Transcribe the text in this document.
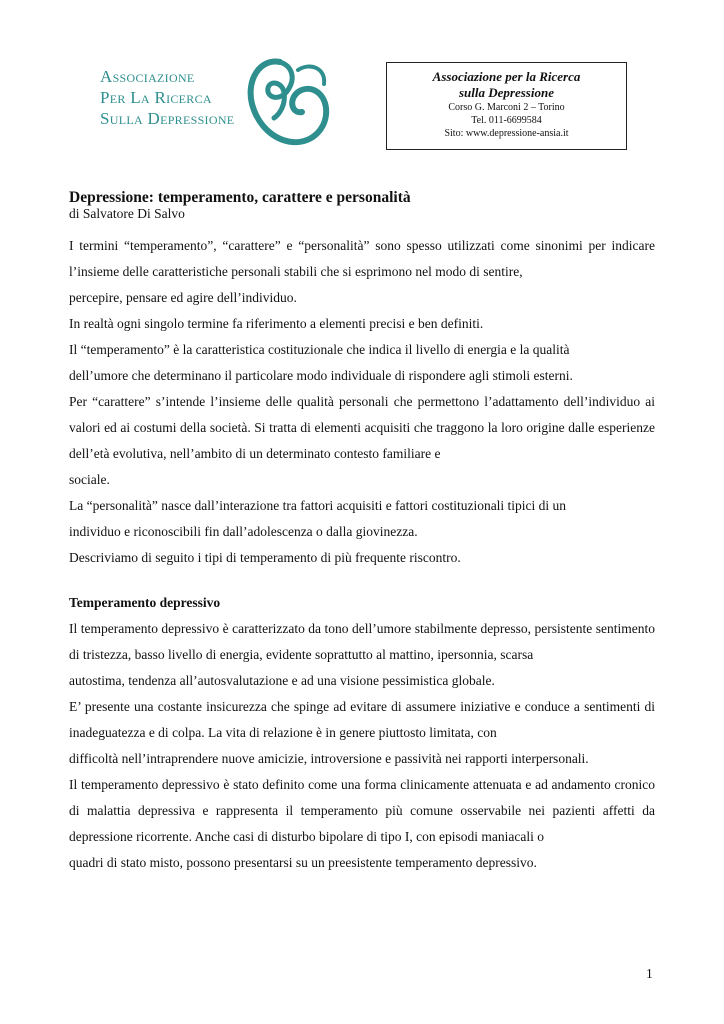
Associazione
Per La Ricerca
Sulla Depressione
Associazione per la Ricerca
sulla Depressione
Corso G. Marconi 2 – Torino
Tel. 011-6699584
Sito: www.depressione-ansia.it
Depressione: temperamento, carattere e personalità
di Salvatore Di Salvo

I termini “temperamento”, “carattere” e “personalità” sono spesso utilizzati come sinonimi per indicare l’insieme delle caratteristiche personali stabili che si esprimono nel modo di sentire,
percepire, pensare ed agire dell’individuo.

In realtà ogni singolo termine fa riferimento a elementi precisi e ben definiti.

Il “temperamento” è la caratteristica costituzionale che indica il livello di energia e la qualità
dell’umore che determinano il particolare modo individuale di rispondere agli stimoli esterni.

Per “carattere” s’intende l’insieme delle qualità personali che permettono l’adattamento dell’individuo ai valori ed ai costumi della società. Si tratta di elementi acquisiti che traggono la loro origine dalle esperienze dell’età evolutiva, nell’ambito di un determinato contesto familiare e
sociale.

La “personalità” nasce dall’interazione tra fattori acquisiti e fattori costituzionali tipici di un
individuo e riconoscibili fin dall’adolescenza o dalla giovinezza.

Descriviamo di seguito i tipi di temperamento di più frequente riscontro.

Temperamento depressivo

Il temperamento depressivo è caratterizzato da tono dell’umore stabilmente depresso, persistente sentimento di tristezza, basso livello di energia, evidente soprattutto al mattino, ipersonnia, scarsa
autostima, tendenza all’autosvalutazione e ad una visione pessimistica globale.

E’ presente una costante insicurezza che spinge ad evitare di assumere iniziative e conduce a sentimenti di inadeguatezza e di colpa. La vita di relazione è in genere piuttosto limitata, con
difficoltà nell’intraprendere nuove amicizie, introversione e passività nei rapporti interpersonali.

Il temperamento depressivo è stato definito come una forma clinicamente attenuata e ad andamento cronico di malattia depressiva e rappresenta il temperamento più comune osservabile nei pazienti affetti da depressione ricorrente. Anche casi di disturbo bipolare di tipo I, con episodi maniacali o
quadri di stato misto, possono presentarsi su un preesistente temperamento depressivo.

1
